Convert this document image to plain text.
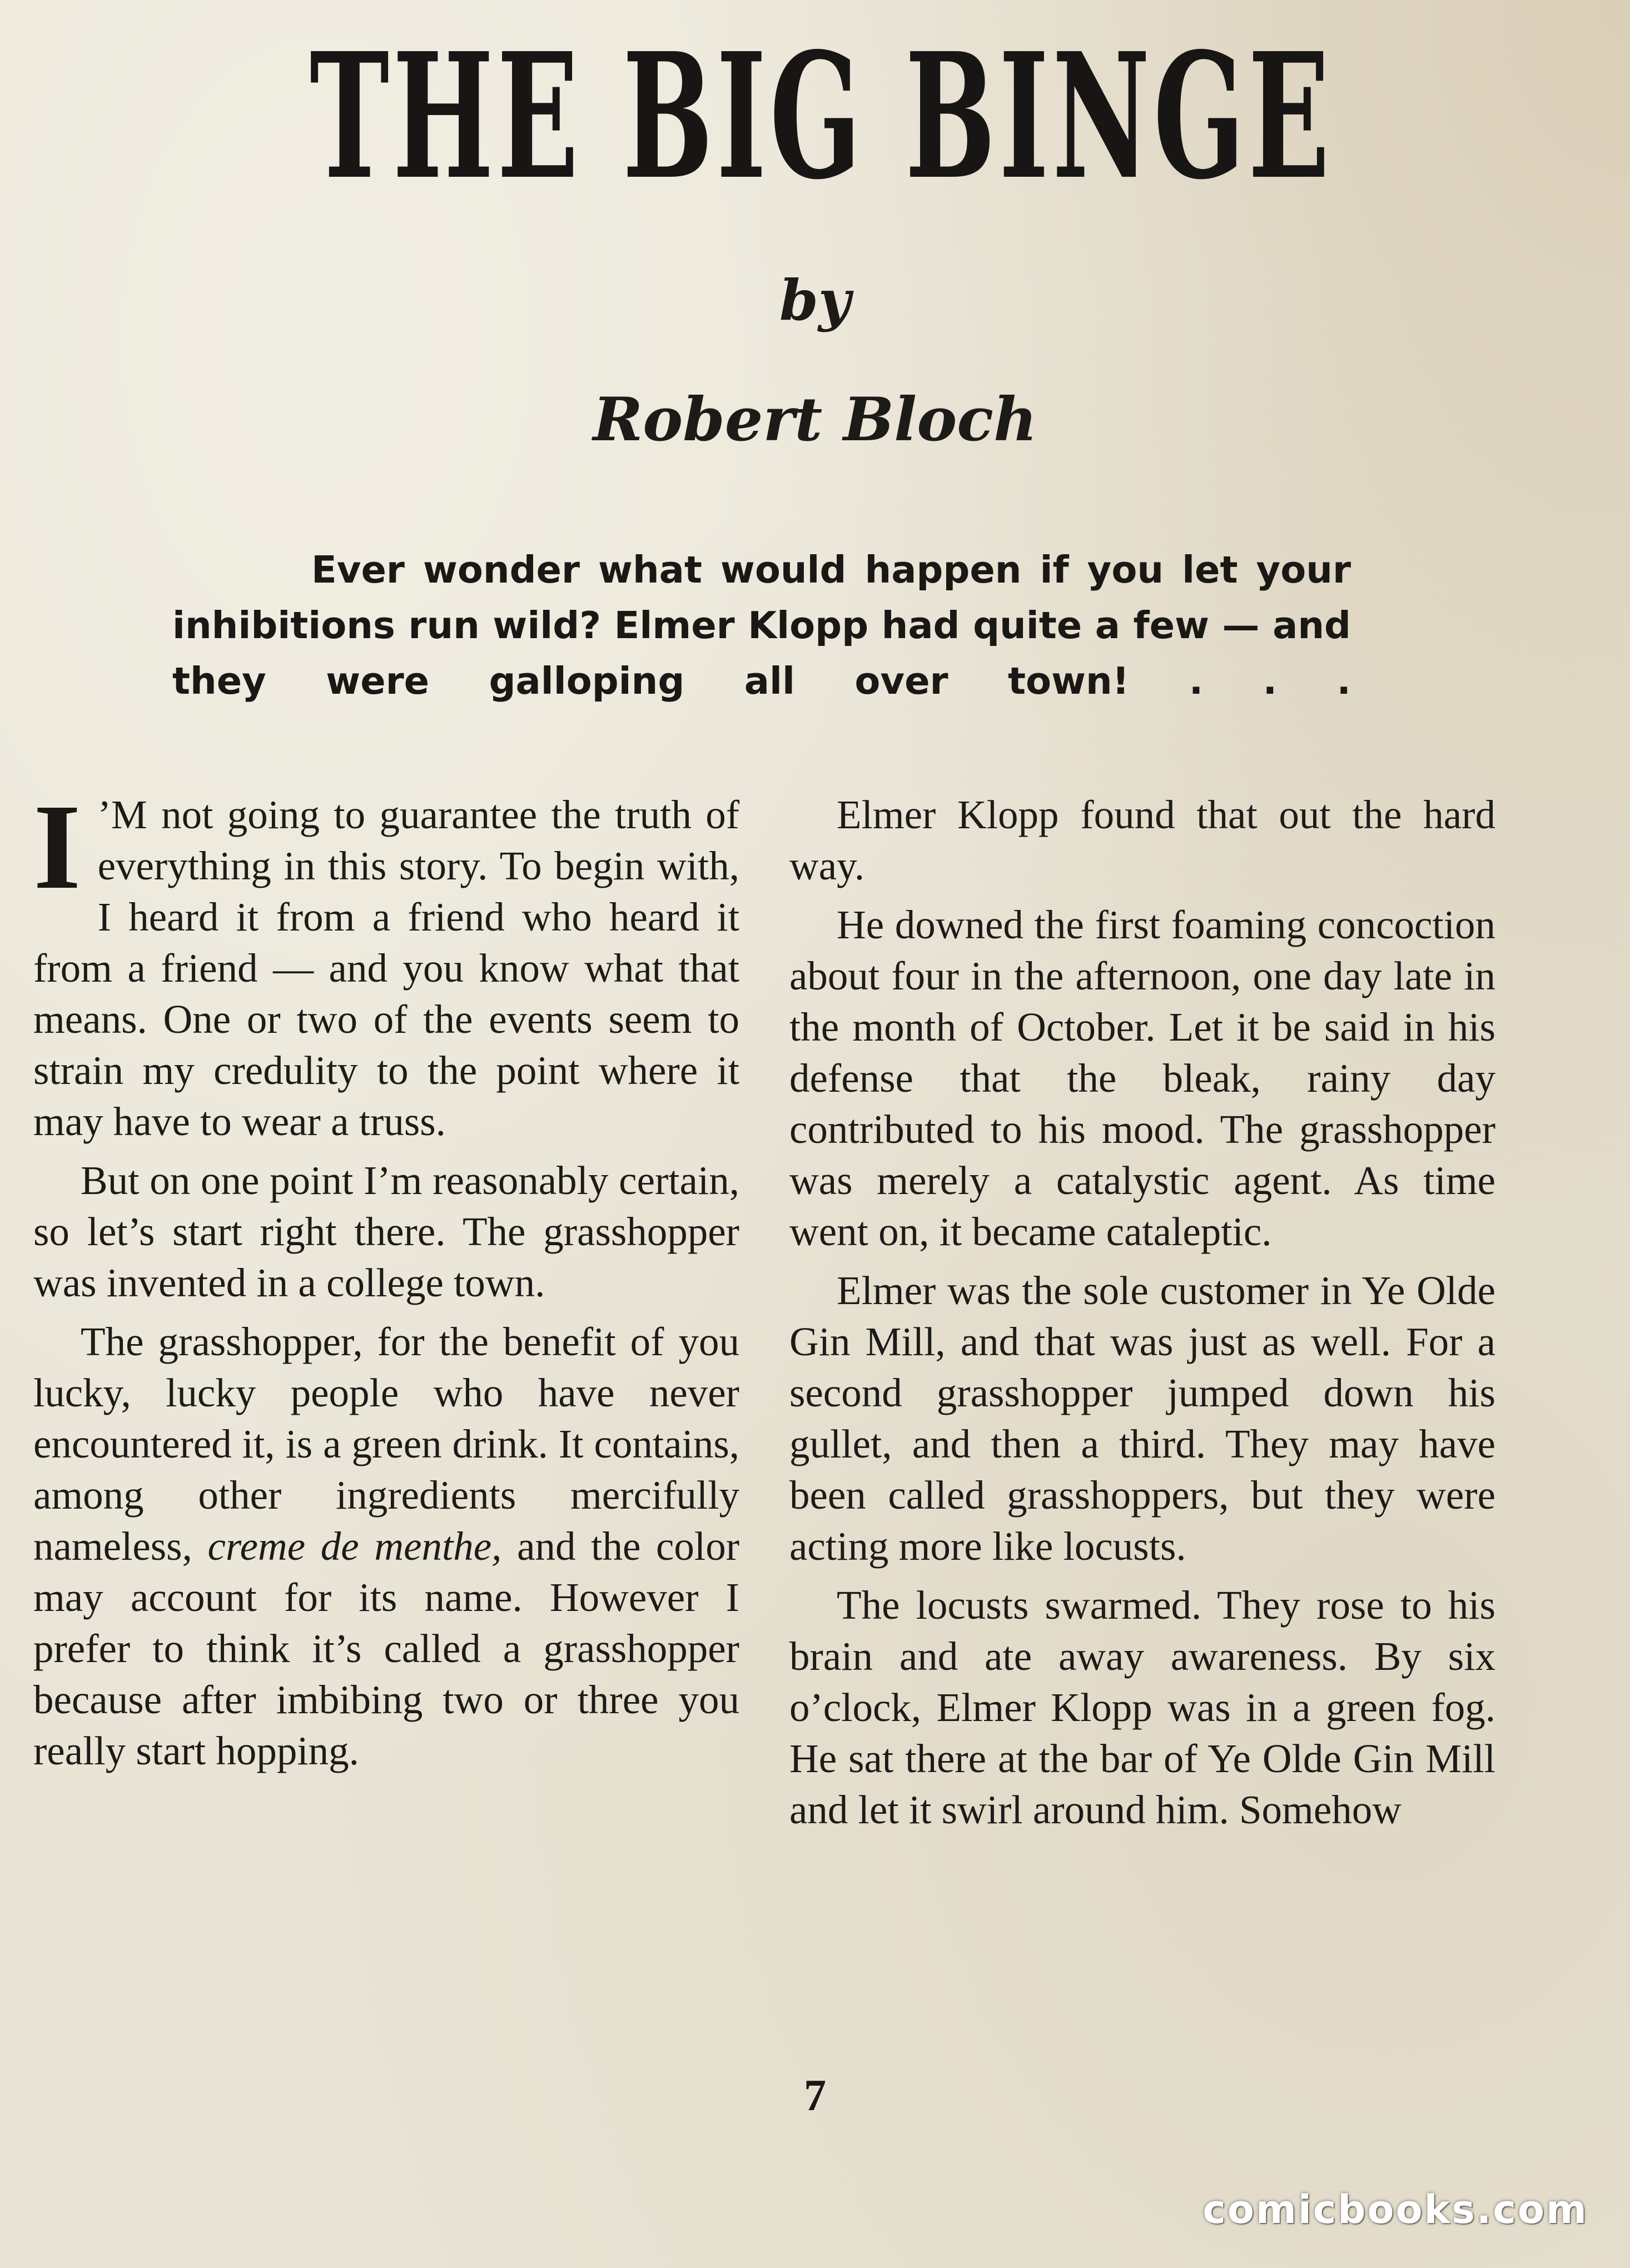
THE BIG BINGE
by
Robert Bloch

Ever wonder what would happen if you let your inhibitions run wild? Elmer Klopp had quite a few — and they were galloping all over town! . . .

I ’M not going to guarantee the truth of everything in this story. To begin with, I heard it from a friend who heard it from a friend — and you know what that means. One or two of the events seem to strain my credulity to the point where it may have to wear a truss.

But on one point I’m reasonably certain, so let’s start right there. The grasshopper was invented in a college town.

The grasshopper, for the benefit of you lucky, lucky people who have never encountered it, is a green drink. It contains, among other ingredients mercifully nameless, creme de menthe, and the color may account for its name. However I prefer to think it’s called a grasshopper because after imbibing two or three you really start hopping.

Elmer Klopp found that out the hard way.

He downed the first foaming concoction about four in the afternoon, one day late in the month of October. Let it be said in his defense that the bleak, rainy day contributed to his mood. The grasshopper was merely a catalystic agent. As time went on, it became cataleptic.

Elmer was the sole customer in Ye Olde Gin Mill, and that was just as well. For a second grasshopper jumped down his gullet, and then a third. They may have been called grasshoppers, but they were acting more like locusts.

The locusts swarmed. They rose to his brain and ate away awareness. By six o’clock, Elmer Klopp was in a green fog. He sat there at the bar of Ye Olde Gin Mill and let it swirl around him. Somehow

7
comicbooks.com
